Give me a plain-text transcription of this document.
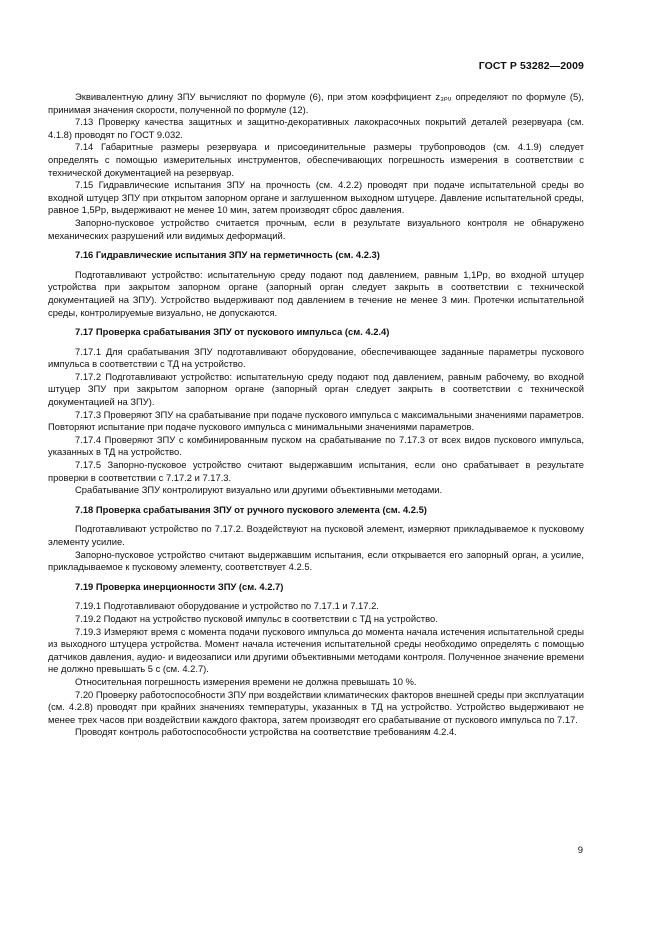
ГОСТ Р 53282—2009

Эквивалентную длину ЗПУ вычисляют по формуле (6), при этом коэффициент z₃ₚᵤ определяют по формуле (5), принимая значения скорости, полученной по формуле (12).

7.13 Проверку качества защитных и защитно-декоративных лакокрасочных покрытий деталей резервуара (см. 4.1.8) проводят по ГОСТ 9.032.

7.14 Габаритные размеры резервуара и присоединительные размеры трубопроводов (см. 4.1.9) следует определять с помощью измерительных инструментов, обеспечивающих погрешность измерения в соответствии с технической документацией на резервуар.

7.15 Гидравлические испытания ЗПУ на прочность (см. 4.2.2) проводят при подаче испытательной среды во входной штуцер ЗПУ при открытом запорном органе и заглушенном выходном штуцере. Давление испытательной среды, равное 1,5Pр, выдерживают не менее 10 мин, затем производят сброс давления.

Запорно-пусковое устройство считается прочным, если в результате визуального контроля не обнаружено механических разрушений или видимых деформаций.

7.16 Гидравлические испытания ЗПУ на герметичность (см. 4.2.3)

Подготавливают устройство: испытательную среду подают под давлением, равным 1,1Pр, во входной штуцер устройства при закрытом запорном органе (запорный орган следует закрыть в соответствии с технической документацией на ЗПУ). Устройство выдерживают под давлением в течение не менее 3 мин. Протечки испытательной среды, контролируемые визуально, не допускаются.

7.17 Проверка срабатывания ЗПУ от пускового импульса (см. 4.2.4)

7.17.1 Для срабатывания ЗПУ подготавливают оборудование, обеспечивающее заданные параметры пускового импульса в соответствии с ТД на устройство.

7.17.2 Подготавливают устройство: испытательную среду подают под давлением, равным рабочему, во входной штуцер ЗПУ при закрытом запорном органе (запорный орган следует закрыть в соответствии с технической документацией на ЗПУ).

7.17.3 Проверяют ЗПУ на срабатывание при подаче пускового импульса с максимальными значениями параметров. Повторяют испытание при подаче пускового импульса с минимальными значениями параметров.

7.17.4 Проверяют ЗПУ с комбинированным пуском на срабатывание по 7.17.3 от всех видов пускового импульса, указанных в ТД на устройство.

7.17.5 Запорно-пусковое устройство считают выдержавшим испытания, если оно срабатывает в результате проверки в соответствии с 7.17.2 и 7.17.3.

Срабатывание ЗПУ контролируют визуально или другими объективными методами.

7.18 Проверка срабатывания ЗПУ от ручного пускового элемента (см. 4.2.5)

Подготавливают устройство по 7.17.2. Воздействуют на пусковой элемент, измеряют прикладываемое к пусковому элементу усилие.

Запорно-пусковое устройство считают выдержавшим испытания, если открывается его запорный орган, а усилие, прикладываемое к пусковому элементу, соответствует 4.2.5.

7.19 Проверка инерционности ЗПУ (см. 4.2.7)

7.19.1 Подготавливают оборудование и устройство по 7.17.1 и 7.17.2.

7.19.2 Подают на устройство пусковой импульс в соответствии с ТД на устройство.

7.19.3 Измеряют время с момента подачи пускового импульса до момента начала истечения испытательной среды из выходного штуцера устройства. Момент начала истечения испытательной среды необходимо определять с помощью датчиков давления, аудио- и видеозаписи или другими объективными методами контроля. Полученное значение времени не должно превышать 5 с (см. 4.2.7).

Относительная погрешность измерения времени не должна превышать 10 %.

7.20 Проверку работоспособности ЗПУ при воздействии климатических факторов внешней среды при эксплуатации (см. 4.2.8) проводят при крайних значениях температуры, указанных в ТД на устройство. Устройство выдерживают не менее трех часов при воздействии каждого фактора, затем производят его срабатывание от пускового импульса по 7.17.

Проводят контроль работоспособности устройства на соответствие требованиям 4.2.4.

9
